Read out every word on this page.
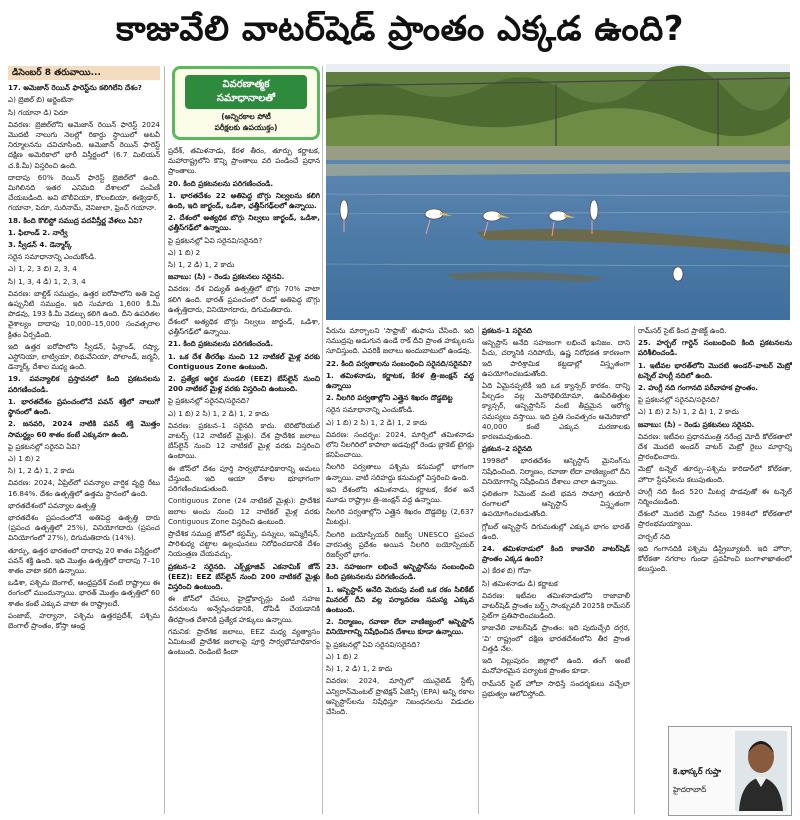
కాజువేలి వాటర్‌షెడ్ ప్రాంతం ఎక్కడ ఉంది?
డిసెంబర్ 8 తరువాయి...

17. అమెజాన్ రెయిన్ ఫారెస్ట్‌ను కలిగిలేని దేశం?

ఎ) బ్రెజిల్ బి) అర్జెంటినా

సి) గయానా డి) పెరూ

వివరణ: బ్రెజిల్‌లోని అమెజాన్ రెయిన్ ఫారెస్ట్ 2024 మొదటి నాలుగు నెలల్లో రికార్డు స్థాయిలో అటవీ నిర్మూలనను చవిచూసింది. అమెజాన్ రెయిన్ ఫారెస్ట్ దక్షిణ అమెరికాలో భారీ విస్తీర్ణంలో (6.7 మిలియన్ చ.కి.మీ) విస్తరించి ఉంది.

దాదాపు 60% రెయిన్ ఫారెస్ట్ బ్రెజిల్‌లో ఉంది. మిగిలినది ఇతర ఎనిమిది దేశాలలో పంపిణీ చేయబడింది. అవి బొలీవియా, కొలంబియా, ఈక్వెడార్, గయానా, పెరూ, సురినామ్, వెనిజులా, ఫ్రెంచ్ గయానా.

18. కింది కొలిస్టో సముద్ర పదవీస్తీర్ణ వేళలు ఏవి?

1. ఫిలాండ్ 2. నార్వే

3. స్వీడన్ 4. డెన్మార్క్

సరైన సమాధానాన్ని ఎంచుకోండి.

ఎ) 1, 2, 3 బి) 2, 3, 4

సి) 1, 3, 4 డి) 1, 2, 3, 4

వివరణ: బాల్టిక్ సముద్రం, ఉత్తర ఐరోపాలోని అతి పెద్ద ఉప్పునీటి సముద్రం. ఇది సుమారు 1,600 కి.మీ పొడవు, 193 కి.మీ వెడల్పు కలిగి ఉంది. దీని ఉపరితల వైశాల్యం దాదాపు 10,000–15,000 సంవత్సరాల క్రితం ఏర్పడింది.

ఇది ఉత్తర ఐరోపాలోని స్వీడన్, ఫిన్లాండ్, రష్యా, ఎస్టోనియా, లాట్వియా, లిథువేనియా, పోలాండ్, జర్మనీ, డెన్మార్క్ దేశాల మధ్య ఉంది.

19. పవన్యాలిక ప్రస్తావనలో కింది ప్రకటనలను పరిగణించండి.

1. భారతదేశం ప్రపంచంలోనే పవన్ శక్తిలో నాలుగో స్థానంలో ఉంది.

2. జనవరి, 2024 నాటికి పవన్ శక్తి మొత్తం సామర్థ్యం 60 శాతం కంటే ఎక్కువగా ఉంది.

పై ప్రకటనల్లో సరైనవి ఏవి?

ఎ) 1 బి) 2

సి) 1, 2 డి) 1, 2 కాదు

వివరణ: 2024, ఏప్రిల్‌లో పవన్యాల వార్షిక వృద్ధి రేటు 16.84%. దేశం ఉత్పత్తిలో ఉత్తమ స్థానంలో ఉంది.

భారతదేశంలో పవన్యాల ఉత్పత్తి

భారతదేశం ప్రపంచంలోనే అతిపెద్ద ఉత్పత్తి దారు (ప్రపంచ ఉత్పత్తిలో 25%), వినియోగదారు (ప్రపంచ వినియోగంలో 27%), దిగుమతిదారు (14%).

తూర్పు, ఉత్తర భారతంలో దాదాపు 20 శాతం విస్తీర్ణంలో పవన్ శక్తి ఉంది. ఇది మొత్తం ఉత్పత్తిలో దాదాపు 7–10 శాతం వాటా కలిగి ఉన్నాయి.

ఒడిశా, పశ్చిమ బెంగాల్, ఆంధ్రప్రదేశ్ వంటి రాష్ట్రాలు ఈ రంగంలో ముందున్నాయి. భారత్ మొత్తం ఉత్పత్తిలో 60 శాతం కంటే ఎక్కువ వాటా ఈ రాష్ట్రాలదే.

పంజాబ్, హర్యానా, పశ్చిమ ఉత్తరప్రదేశ్, పశ్చిమ బెంగాల్ ప్రాంతం, కోస్తా ఆంధ్ర

వివరణాత్మక
సమాధానాలతో
(అన్నిరకాల పోటీ
పరీక్షలకు ఉపయుక్తం)

ప్రదేశ్, తమిళనాడు, కేరళ తీరం, తూర్పు కర్ణాటక, మహారాష్ట్రలోని కొన్ని ప్రాంతాలు వరి పండించే ప్రధాన ప్రాంతాలు.

20. కింది ప్రకటనలను పరిగణించండి.

1. భారతదేశం 22 అతిపెద్ద బొగ్గు నిల్వలను కలిగి ఉంది, ఇది జార్ఖండ్, ఒడిశా, ఛత్తీస్‌గఢ్‌లలో ఉన్నాయి.

2. దేశంలో అత్యధిక బొగ్గు నిల్వలు జార్ఖండ్, ఒడిశా, ఛత్తీస్‌గఢ్‌లో ఉన్నాయి.

పై ప్రకటనల్లో ఏవి సరైనవి/సరైనది?

ఎ) 1 బి) 2

సి) 1, 2 డి) 1, 2 కాదు

జవాబు: (సి) – రెండు ప్రకటనలు సరైనవి.

వివరణ: దేశ విద్యుత్ ఉత్పత్తిలో బొగ్గు 70% వాటా కలిగి ఉంది. భారత్ ప్రపంచంలో రెండో అతిపెద్ద బొగ్గు ఉత్పత్తిదారు, వినియోగదారు, దిగుమతిదారు.

దేశంలో అత్యధిక బొగ్గు నిల్వలు జార్ఖండ్, ఒడిశా, ఛత్తీస్‌గఢ్‌లో ఉన్నాయి.

21. కింది ప్రకటనలను పరిగణించండి.

1. ఒక దేశ తీరరేఖ నుంచి 12 నాటికల్ మైళ్ల వరకు Contiguous Zone ఉంటుంది.

2. ప్రత్యేక ఆర్థిక మండలి (EEZ) బేస్‌లైన్ నుంచి 200 నాటికల్ మైళ్ల వరకు విస్తరించి ఉంటుంది.

పై ప్రకటనల్లో సరైనవి/సరైనది?

ఎ) 1 బి) 2 సి) 1, 2 డి) 1, 2 కాదు

వివరణ: ప్రకటన–1 సరైనది కాదు. టెరిటోరియల్ వాటర్స్ (12 నాటికల్ మైళ్లు). దేశ ప్రాదేశిక జలాలు బేస్‌లైన్ నుంచి 12 నాటికల్ మైళ్ల వరకు విస్తరించి ఉంటాయి.

ఈ జోన్‌లో దేశం పూర్తి సార్వభౌమాధికారాన్ని అమలు చేస్తుంది. ఇది ఆయా దేశాల భూభాగంగా పరిగణించబడుతుంది.

Contiguous Zone (24 నాటికల్ మైళ్లు): ప్రాదేశిక జలాల అంచు నుంచి 12 నాటికల్ మైళ్ల వరకు Contiguous Zone విస్తరించి ఉంటుంది.

ప్రాదేశిక సముద్ర జోన్‌లో కస్టమ్స్, పన్నులు, ఇమ్మిగ్రేషన్, పారిశుధ్య చట్టాల ఉల్లంఘనలు నిరోధించడానికి దేశం నియంత్రణ చేయవచ్చు.

ప్రకటన–2 సరైనది. ఎక్స్‌క్లూజివ్ ఎకనామిక్ జోన్ (EEZ): EEZ బేస్‌లైన్ నుంచి 200 నాటికల్ మైళ్లు విస్తరించి ఉంటుంది.

ఈ జోన్‌లో చేపలు, హైడ్రోకార్బన్లు వంటి సహజ వనరులను అన్వేషించడానికి, దోపిడీ చేయడానికి తీరప్రాంత దేశానికి ప్రత్యేక హక్కులు ఉన్నాయి.

గమనిక: ప్రాదేశిక జలాలు, EEZ మధ్య వ్యత్యాసం ఏమిటంటే ప్రాదేశిక జలాలపై పూర్తి సార్వభౌమాధికారం ఉంటుంది. రెండింటి కిందా

పేరును మార్చాలని 'సాఫ్రాజ్' తుఫాను చేసింది. ఇది సముద్రపు అడుగున ఉండే రాక్ దీవి ప్రాంత హక్కులను సూచిస్తుంది. ఎవరికీ జలాలు అందుబాటులో ఉండవు.

22. కింది పర్వతాలను సంబంధించి సరైనది/సరైనవి?

1. తమిళనాడు, కర్ణాటక, కేరళ త్రి–జంక్షన్ వద్ద ఉన్నాయి

2. నీలగిరి పర్వతాల్లోని ఎత్తైన శిఖరం దొడ్డబెట్ట

సరైన సమాధానాన్ని ఎంచుకోండి.

ఎ) 1 బి) 2 సి) 1, 2 డి) 1, 2 కాదు

వివరణ: సందర్భం: 2024, మార్చిలో తమిళనాడు లోని నీలగిరిలో కాపాలా అడవుల్లో రెండు బ్లాకెట్ టైగర్లు కనిపించాయి.

నీలగిరి పర్వతాలు పశ్చిమ కనుమల్లో భాగంగా ఉన్నాయి. వాటి సరిహద్దు కనుమల్లో విస్తరించి ఉంది.

ఇవి దేశంలోని తమిళనాడు, కర్ణాటక, కేరళ అనే మూడు రాష్ట్రాల త్రి–జంక్షన్ వద్ద ఉన్నాయి.

నీలగిరి పర్వతాల్లోని ఎత్తైన శిఖరం దొడ్డబెట్ట (2,637 మీటర్లు).

నీలగిరి బయోస్పియర్ రిజర్వ్ UNESCO ప్రపంచ వారసత్వ ప్రదేశం అయిన నీలగిరి బయోస్పియర్ రిజర్వ్‌లో భాగం.

23. సహజంగా లభించే ఆస్బెస్టాస్‌ను సంబంధించి కింది ప్రకటనలను పరిగణించండి.

1. ఆస్బెస్టాస్ అనేది మెరుపు వంటి ఒక రకం సిలికేట్ మినరల్ దీని వల్ల పర్యావరణ సమస్య ఎక్కువ ఉంటుంది.

2. నిర్మాణం, రవాణా లేదా వాణిజ్యంలో ఆస్బెస్టాస్ వినియోగాన్ని నిషేధించిన దేశాలు కూడా ఉన్నాయి.

పై ప్రకటనల్లో ఏవి సరైనవి/సరైనది?

ఎ) 1 బి) 2

సి) 1, 2 డి) 1, 2 కాదు

వివరణ: 2024, మార్చిలో యునైటెడ్ స్టేట్స్ ఎన్విరాన్‌మెంటల్ ప్రొటెక్షన్ ఏజెన్సీ (EPA) అన్ని రకాల ఆస్బెస్టాస్‌లను నిషేధిస్తూ నిబంధనలను విడుదల చేసింది.

ప్రకటన–1 సరైనది

ఆస్బెస్టాస్ అనేది సహజంగా లభించే ఖనిజం. దాని పీచు, చర్మానికి సరిపోయే, ఉష్ణ నిరోధకత కారణంగా ఇది పారిశ్రామిక కట్టడాల్లో విస్తృతంగా ఉపయోగించబడుతోంది.

ఏది ఏమైనప్పటికీ ఇది ఒక క్యాన్సర్ కారకం. దాన్ని పీల్చడం వల్ల మెసోథెలియోమా, ఊపిరితిత్తుల క్యాన్సర్, ఆస్బెస్టాసిస్ వంటి తీవ్రమైన ఆరోగ్య సమస్యలు వస్తాయి. ఇది ప్రతి సంవత్సరం అమెరికాలో 40,000 కంటే ఎక్కువ మరణాలకు కారణమవుతుంది.

ప్రకటన–2 సరైనది

1998లో భారతదేశం ఆస్బెస్టాస్ మైనింగ్‌ను నిషేధించింది. నిర్మాణం, రవాణా లేదా వాణిజ్యంలో దీని వినియోగాన్ని నిషేధించిన దేశాలు చాలా ఉన్నాయి.

ఫలితంగా సిమెంట్ వంటి భవన సామాగ్రి తయారీ రంగాలలో ఆస్బెస్టాస్ విస్తృతంగా ఉపయోగించబడుతోంది.

గ్లోబల్ ఆస్బెస్టాస్ దిగుమతుల్లో ఎక్కువ భాగం భారత్ ఉంది.

24. తమిళనాడులో కింది కాజువేలి వాటర్‌షెడ్ ప్రాంతం ఎక్కడ ఉంది?

ఎ) కేరళ బి) గోవా

సి) తమిళనాడు డి) కర్ణాటక

వివరణ: ఇటీవల తమిళనాడులోని రాజావాలీ వాటర్‌షెడ్ ప్రాంతం బర్డ్స్ సాంక్చువరీ 2025కి రామ్‌సర్ సైట్‌గా ప్రతిపాదించబడింది.

కాజువేలి వాటర్‌షెడ్ ప్రాంతం: ఇది పుదుచ్చేరి దగ్గర, 'వి' రాష్ట్రంలో దక్షిణ భారతదేశంలోని తీర ప్రాంత చిత్తడి నేల.

ఇది విల్లుపురం జిల్లాలో ఉంది. తంగ్ అంటే మనోహరమైన పర్యాటక ప్రాంతం కూడా.

రామ్‌సర్ సైట్ హోదా సాధిస్తే సందర్శకులు వచ్చేలా ప్రభుత్వం ఆలోచిస్తోంది.

రామ్‌సర్ సైట్ కింద ప్రాజెక్ట్ ఉంది.

25. హర్బల్ గార్డెన్ సంబంధించి కింది ప్రకటనలను పరిశీలించండి.

1. ఇటీవల భారత్‌లోని మొదటి అండర్‌–వాటర్ మెట్రో టన్నెల్ హుగ్లీ నదిలో ఉంది.

2. హుగ్లీ నది గంగానది పరీవాహక ప్రాంతం.

పై ప్రకటనల్లో సరైనవి/సరైనది?

ఎ) 1 బి) 2 సి) 1, 2 డి) 1, 2 కాదు

జవాబు: (సి) – రెండు ప్రకటనలు సరైనవి.

వివరణ: ఇటీవల ప్రధానమంత్రి నరేంద్ర మోదీ కోల్‌కతాలో దేశ మొదటి అండర్‌ వాటర్ మెట్రో రైలు మార్గాన్ని ప్రారంభించారు.

మెట్రో టన్నెల్ తూర్పు–పశ్చిమ కారిడార్‌లో కోల్‌కతా, హౌరా స్టేషన్‌లను కలుపుతుంది.

హుగ్లీ నది కింద 520 మీటర్ల పొడవుతో ఈ టన్నెల్ నిర్మించబడింది.

దేశంలో మొదటి మెట్రో సేవలు 1984లో కోల్‌కతాలో ప్రారంభమయ్యాయి.

హర్బల్ నది

ఇది గంగానదికి పశ్చిమ డిస్ట్రిబ్యూటరీ. ఇది హౌరా, కోల్‌కతా నగరాల గుండా ప్రవహించి బంగాళాఖాతంలో కలుస్తుంది.

కె.భాస్కర్ గుప్తా
హైదరాబాద్
